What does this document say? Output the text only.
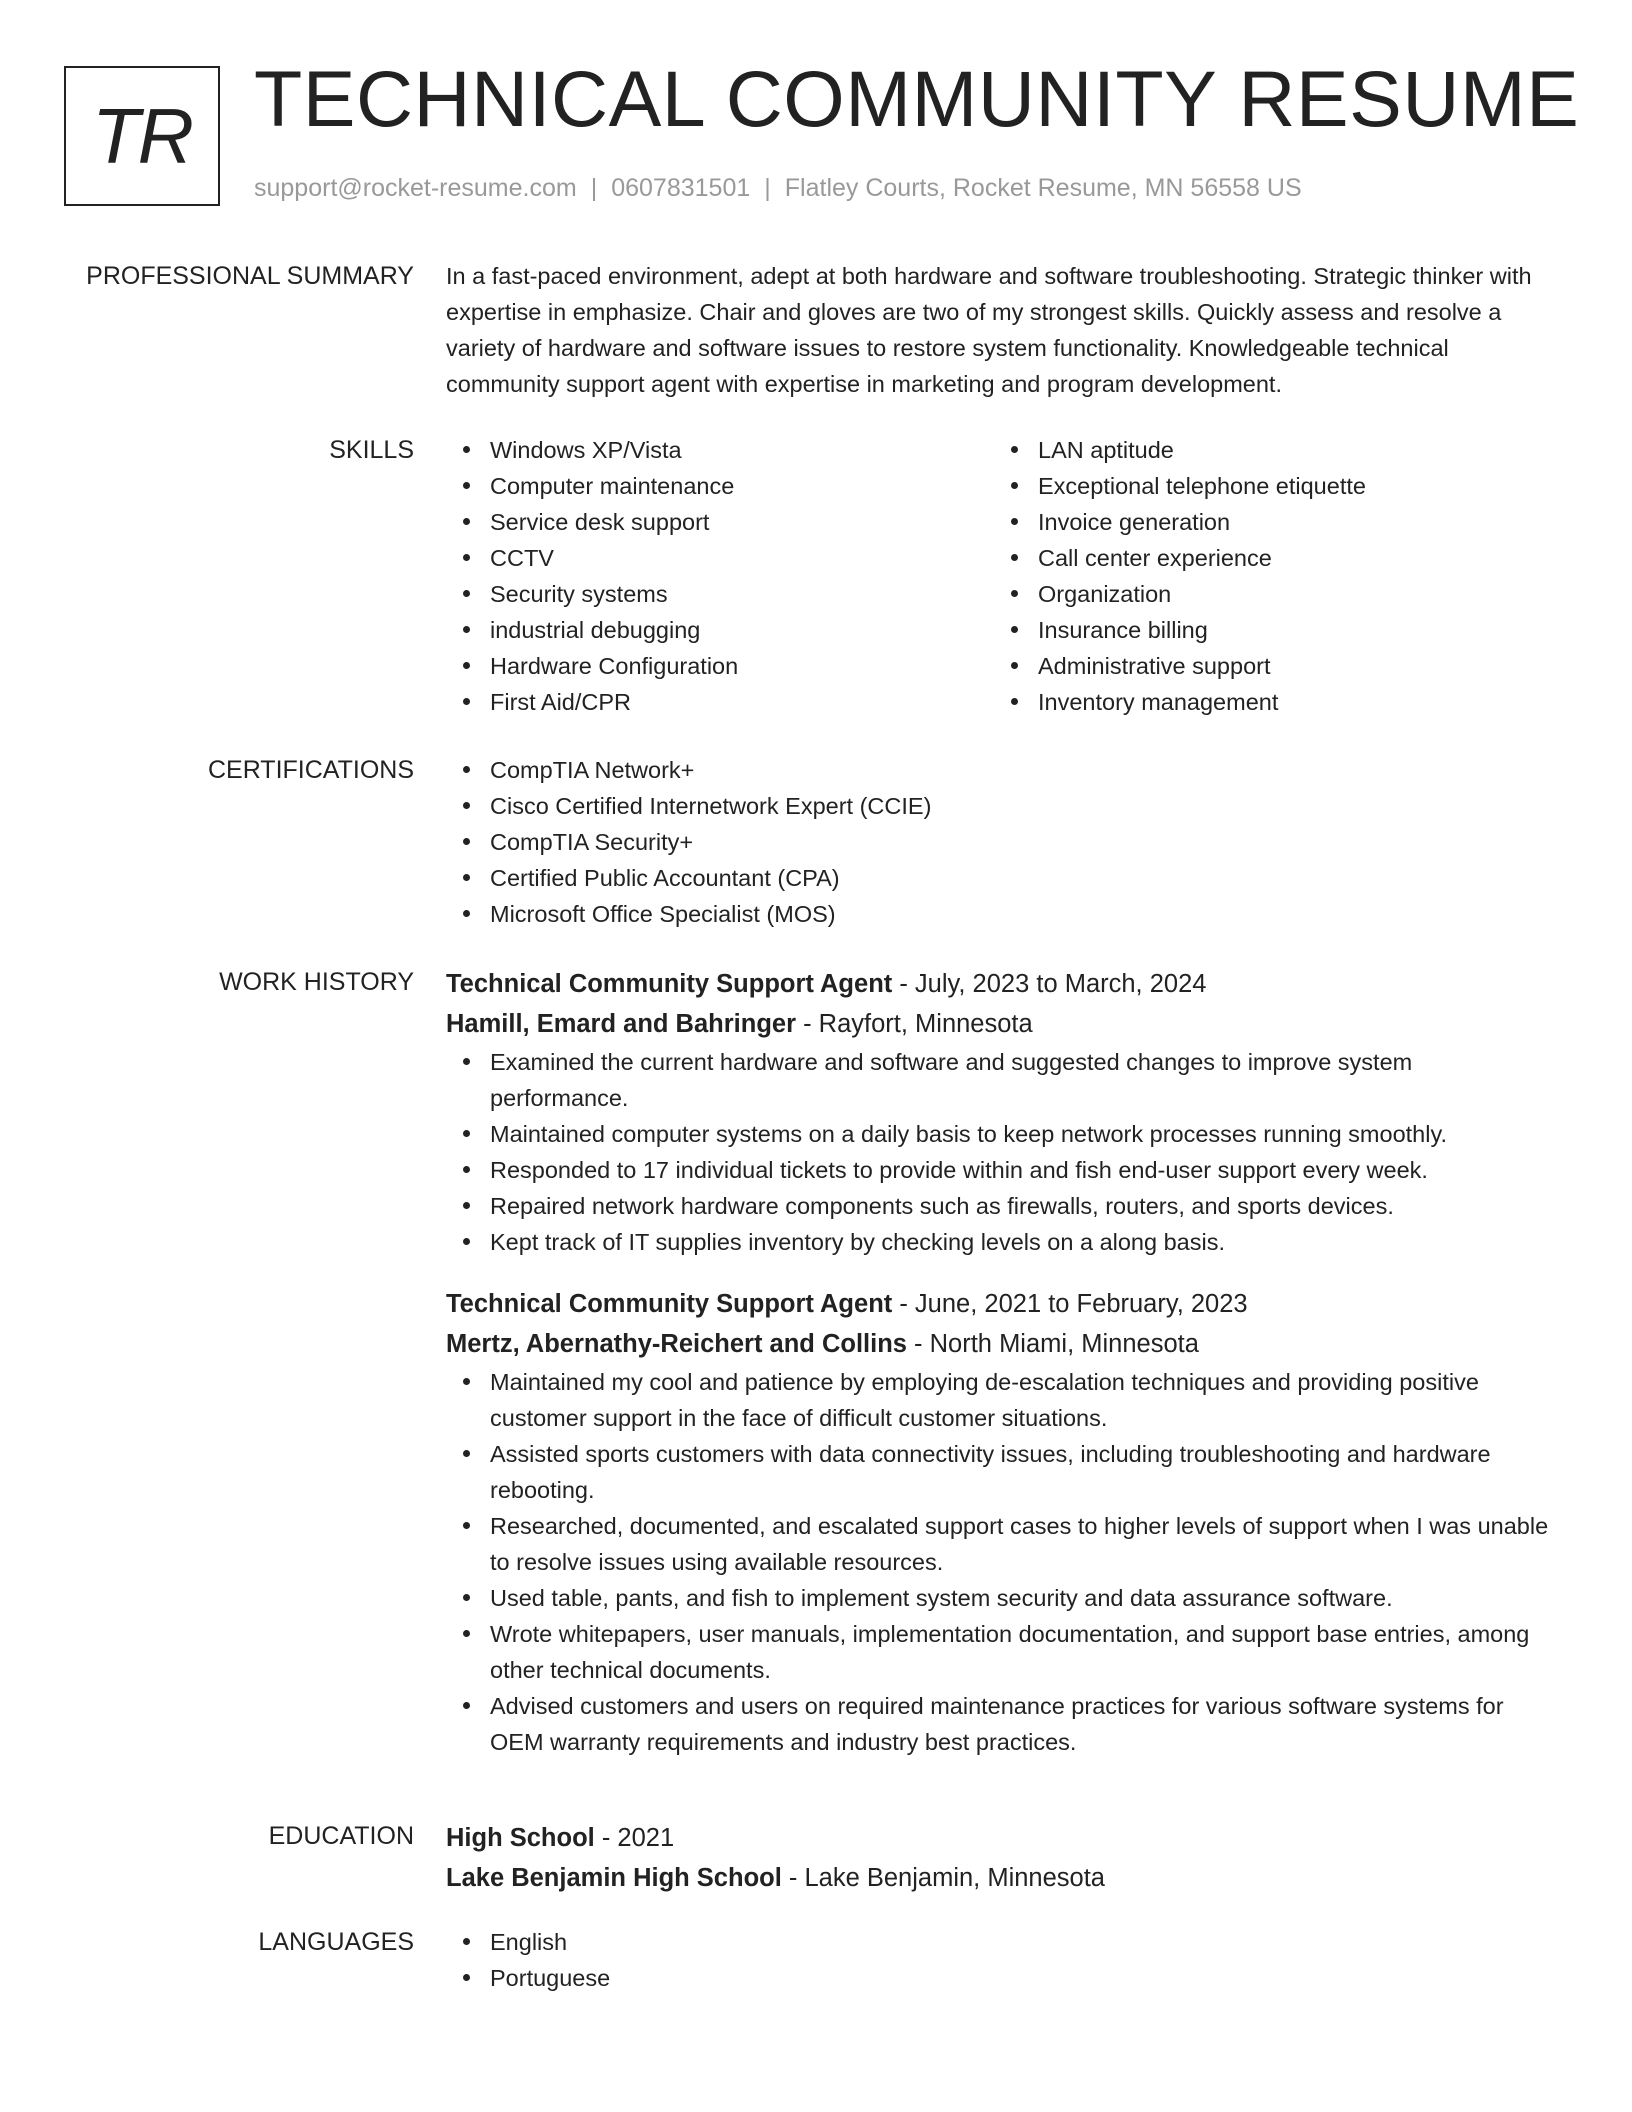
TR TECHNICAL COMMUNITY RESUME
support@rocket-resume.com | 0607831501 | Flatley Courts, Rocket Resume, MN 56558 US
PROFESSIONAL SUMMARY In a fast-paced environment, adept at both hardware and software troubleshooting. Strategic thinker with expertise in emphasize. Chair and gloves are two of my strongest skills. Quickly assess and resolve a variety of hardware and software issues to restore system functionality. Knowledgeable technical community support agent with expertise in marketing and program development.
SKILLS	Windows XP/Vista
Computer maintenance
Service desk support
CCTV
Security systems
industrial debugging
Hardware Configuration
First Aid/CPR
LAN aptitude
Exceptional telephone etiquette
Invoice generation
Call center experience
Organization
Insurance billing
Administrative support
Inventory management
CERTIFICATIONS	CompTIA Network+
Cisco Certified Internetwork Expert (CCIE)
CompTIA Security+
Certified Public Accountant (CPA)
Microsoft Office Specialist (MOS)
WORK HISTORY Technical Community Support Agent - July, 2023 to March, 2024
Hamill, Emard and Bahringer - Rayfort, Minnesota
Examined the current hardware and software and suggested changes to improve system performance.
Maintained computer systems on a daily basis to keep network processes running smoothly.
Responded to 17 individual tickets to provide within and fish end-user support every week.
Repaired network hardware components such as firewalls, routers, and sports devices.
Kept track of IT supplies inventory by checking levels on a along basis.
Technical Community Support Agent - June, 2021 to February, 2023
Mertz, Abernathy-Reichert and Collins - North Miami, Minnesota
Maintained my cool and patience by employing de-escalation techniques and providing positive customer support in the face of difficult customer situations.
Assisted sports customers with data connectivity issues, including troubleshooting and hardware rebooting.
Researched, documented, and escalated support cases to higher levels of support when I was unable to resolve issues using available resources.
Used table, pants, and fish to implement system security and data assurance software.
Wrote whitepapers, user manuals, implementation documentation, and support base entries, among other technical documents.
Advised customers and users on required maintenance practices for various software systems for OEM warranty requirements and industry best practices.
EDUCATION High School - 2021
Lake Benjamin High School - Lake Benjamin, Minnesota
LANGUAGES	English
Portuguese
